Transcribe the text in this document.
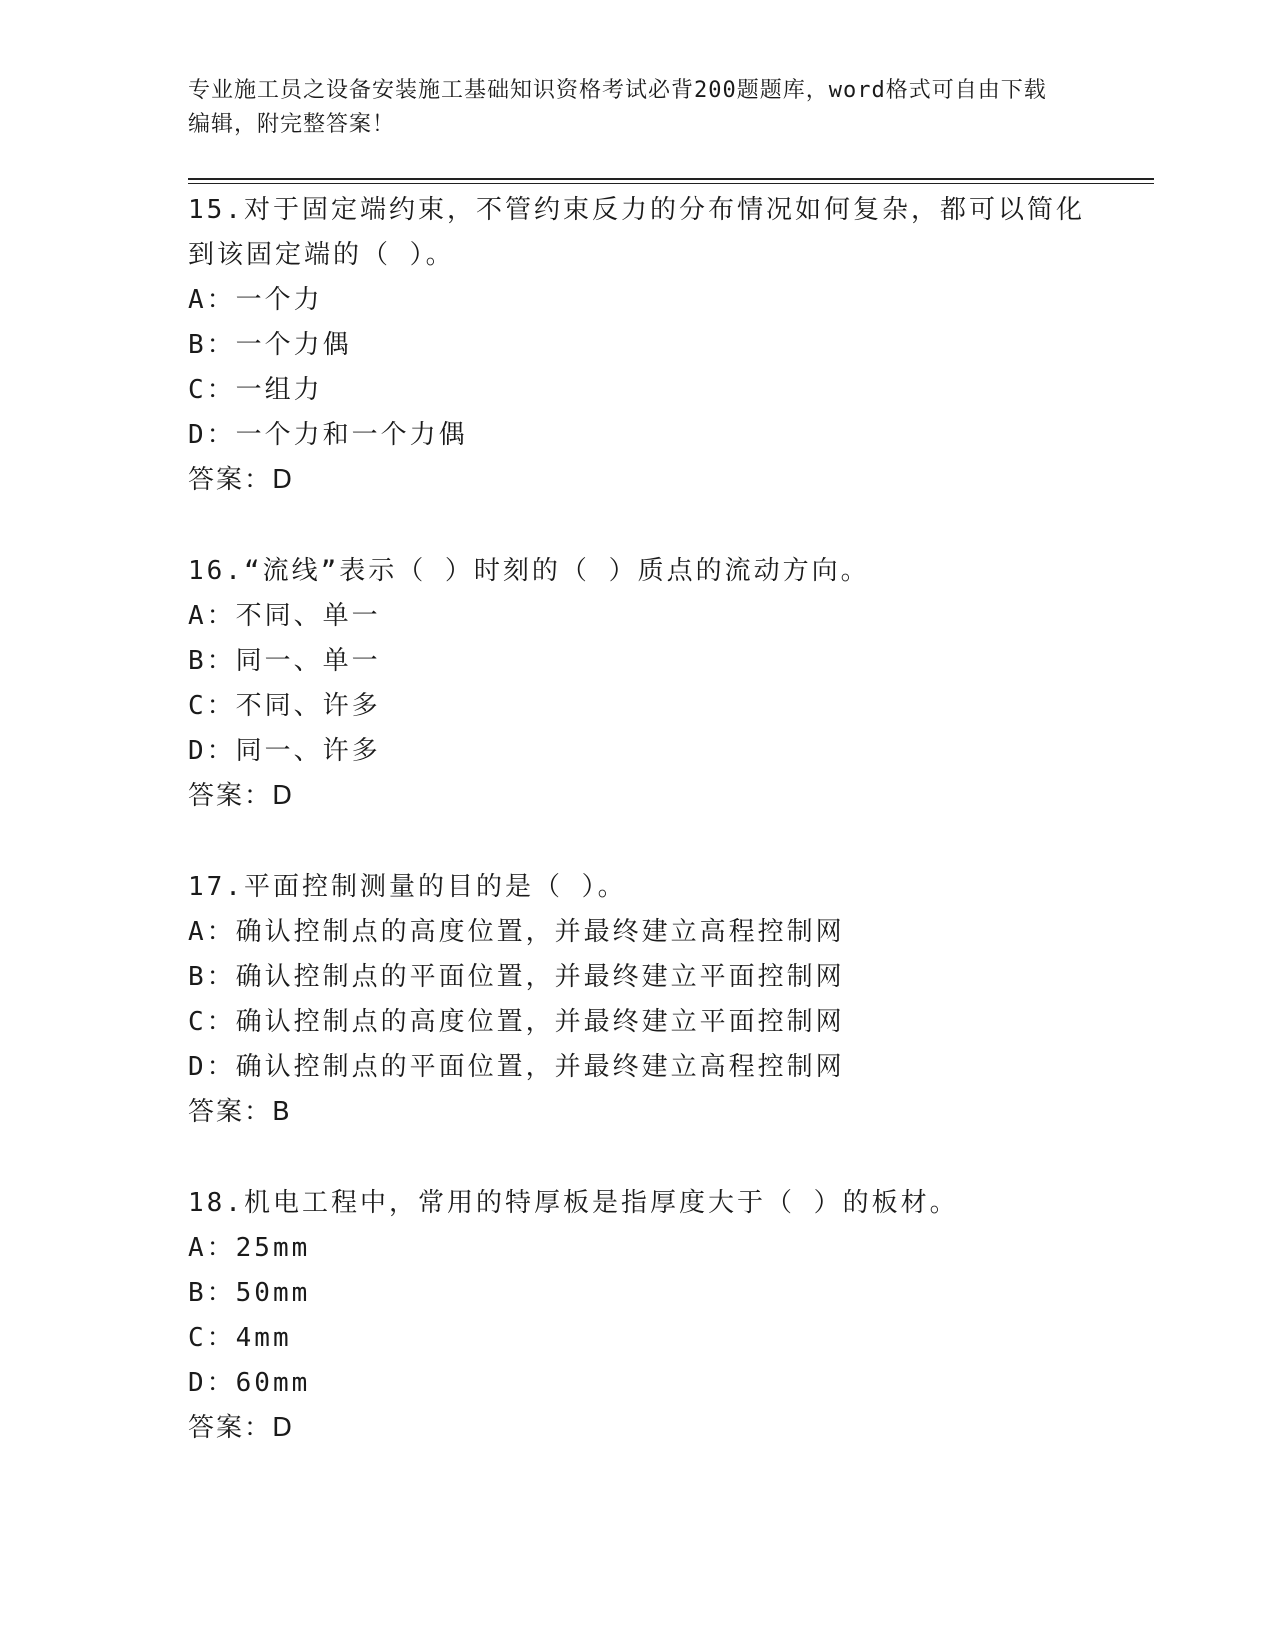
专业施工员之设备安装施工基础知识资格考试必背200题题库，word格式可自由下载编辑，附完整答案！
15.对于固定端约束，不管约束反力的分布情况如何复杂，都可以简化到该固定端的（ ）。
A：一个力
B：一个力偶
C：一组力
D：一个力和一个力偶
答案：D
16.“流线”表示（ ）时刻的（ ）质点的流动方向。
A：不同、单一
B：同一、单一
C：不同、许多
D：同一、许多
答案：D
17.平面控制测量的目的是（ ）。
A：确认控制点的高度位置，并最终建立高程控制网
B：确认控制点的平面位置，并最终建立平面控制网
C：确认控制点的高度位置，并最终建立平面控制网
D：确认控制点的平面位置，并最终建立高程控制网
答案：B
18.机电工程中，常用的特厚板是指厚度大于（ ）的板材。
A：25mm
B：50mm
C：4mm
D：60mm
答案：D
